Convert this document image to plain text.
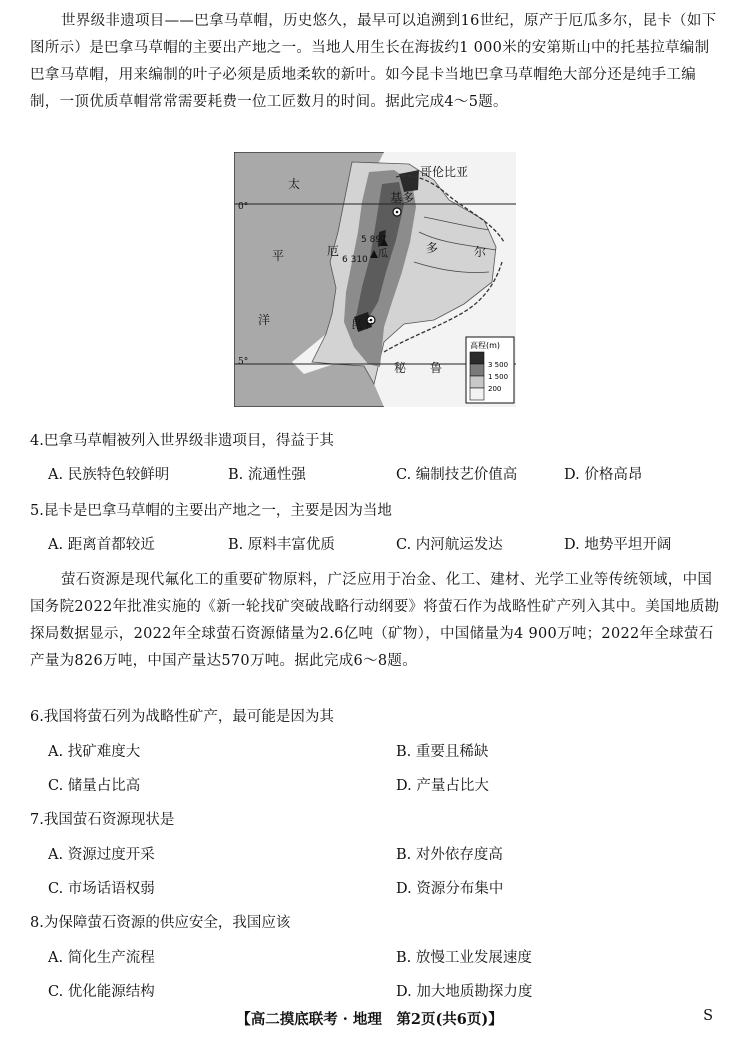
世界级非遗项目——巴拿马草帽，历史悠久，最早可以追溯到16世纪，原产于厄瓜多尔，昆卡（如下图所示）是巴拿马草帽的主要出产地之一。当地人用生长在海拔约1 000米的安第斯山中的托基拉草编制巴拿马草帽，用来编制的叶子必须是质地柔软的新叶。如今昆卡当地巴拿马草帽绝大部分还是纯手工编制，一顶优质草帽常常需要耗费一位工匠数月的时间。据此完成4～5题。

哥伦比亚
太
平
洋
基多
厄	瓜	多	尔
昆卡
秘 鲁
0°
5°
5 897
6 310
高程(m)
3 500
1 500
200
4.巴拿马草帽被列入世界级非遗项目，得益于其
A. 民族特色较鲜明	B. 流通性强	C. 编制技艺价值高	D. 价格高昂
5.昆卡是巴拿马草帽的主要出产地之一，主要是因为当地
A. 距离首都较近	B. 原料丰富优质	C. 内河航运发达	D. 地势平坦开阔

萤石资源是现代氟化工的重要矿物原料，广泛应用于冶金、化工、建材、光学工业等传统领域，中国国务院2022年批准实施的《新一轮找矿突破战略行动纲要》将萤石作为战略性矿产列入其中。美国地质勘探局数据显示，2022年全球萤石资源储量为2.6亿吨（矿物），中国储量为4 900万吨；2022年全球萤石产量为826万吨，中国产量达570万吨。据此完成6～8题。

6.我国将萤石列为战略性矿产，最可能是因为其
A. 找矿难度大	B. 重要且稀缺
C. 储量占比高	D. 产量占比大
7.我国萤石资源现状是
A. 资源过度开采	B. 对外依存度高
C. 市场话语权弱	D. 资源分布集中
8.为保障萤石资源的供应安全，我国应该
A. 简化生产流程	B. 放慢工业发展速度
C. 优化能源结构	D. 加大地质勘探力度
【高二摸底联考 · 地理　第2页(共6页)】	S
